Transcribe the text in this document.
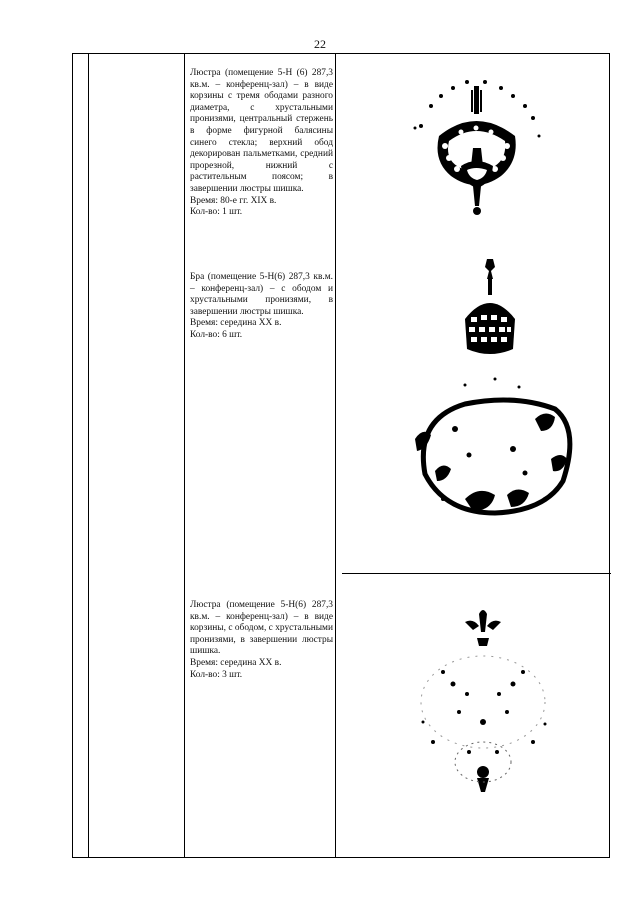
22

Люстра (помещение 5-Н (6) 287,3 кв.м. – конференц-зал) – в виде корзины с тремя ободами разного диаметра, с хрустальными пронизями, центральный стержень в форме фигурной балясины синего стекла; верхний обод декорирован пальметками, средний прорезной, нижний с растительным поясом; в завершении люстры шишка.

Время: 80-е гг. XIX в.

Кол-во: 1 шт.

Бра (помещение 5-Н(6) 287,3 кв.м. – конференц-зал) – с ободом и хрустальными пронизями, в завершении люстры шишка.

Время: середина XX в.

Кол-во: 6 шт.

Люстра (помещение 5-Н(6) 287,3 кв.м. – конференц-зал) – в виде корзины, с ободом, с хрустальными пронизями, в завершении люстры шишка.

Время: середина XX в.

Кол-во: 3 шт.
